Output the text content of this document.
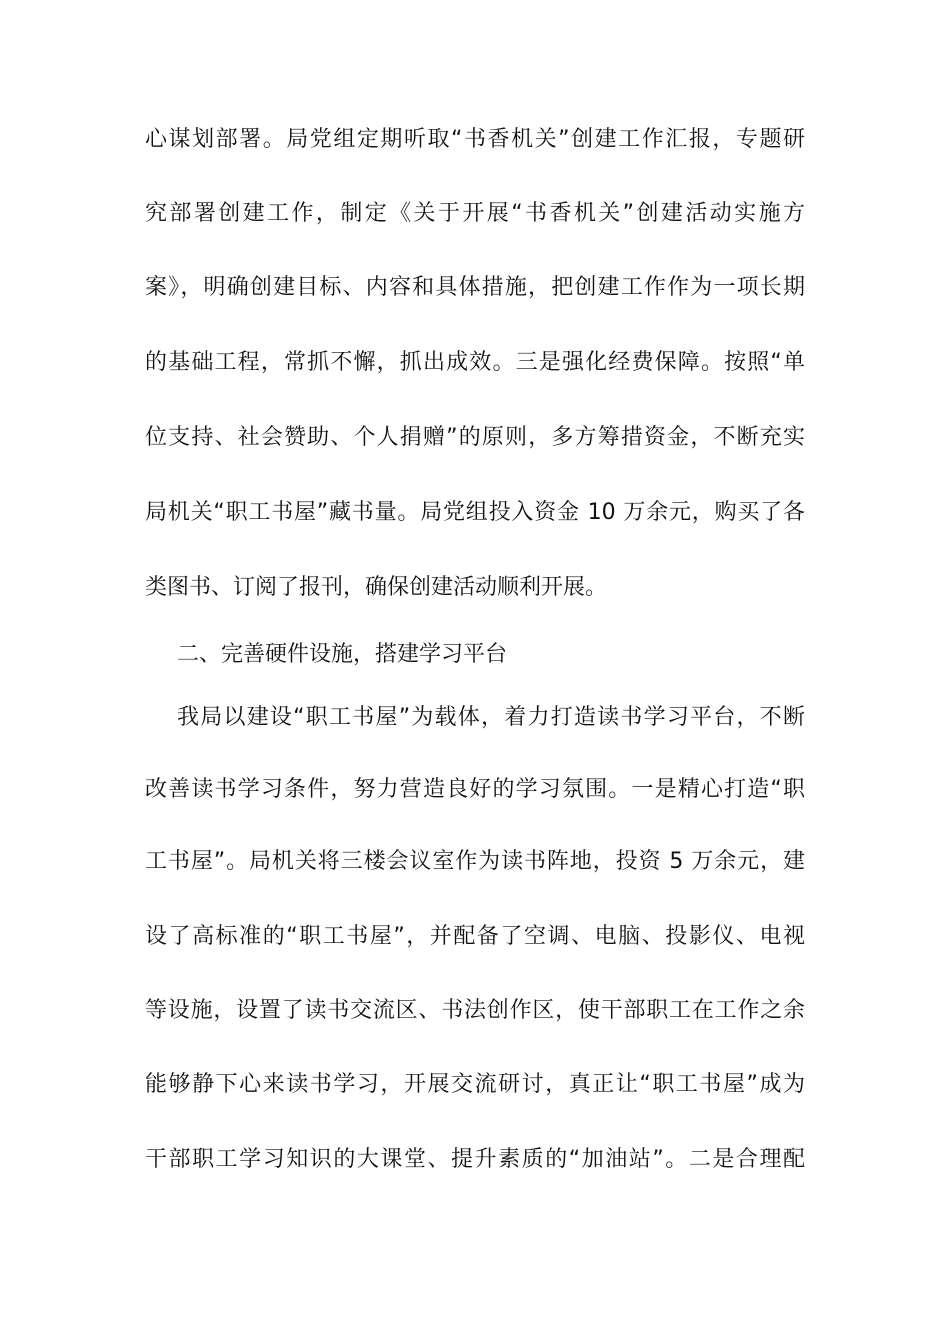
心谋划部署。局党组定期听取“书香机关”创建工作汇报，专题研
究部署创建工作，制定《关于开展“书香机关”创建活动实施方
案》，明确创建目标、内容和具体措施，把创建工作作为一项长期
的基础工程，常抓不懈，抓出成效。三是强化经费保障。按照“单
位支持、社会赞助、个人捐赠”的原则，多方筹措资金，不断充实
局机关“职工书屋”藏书量。局党组投入资金 10 万余元，购买了各
类图书、订阅了报刊，确保创建活动顺利开展。
二、完善硬件设施，搭建学习平台
我局以建设“职工书屋”为载体，着力打造读书学习平台，不断
改善读书学习条件，努力营造良好的学习氛围。一是精心打造“职
工书屋”。局机关将三楼会议室作为读书阵地，投资 5 万余元，建
设了高标准的“职工书屋”，并配备了空调、电脑、投影仪、电视
等设施，设置了读书交流区、书法创作区，使干部职工在工作之余
能够静下心来读书学习，开展交流研讨，真正让“职工书屋”成为
干部职工学习知识的大课堂、提升素质的“加油站”。二是合理配
